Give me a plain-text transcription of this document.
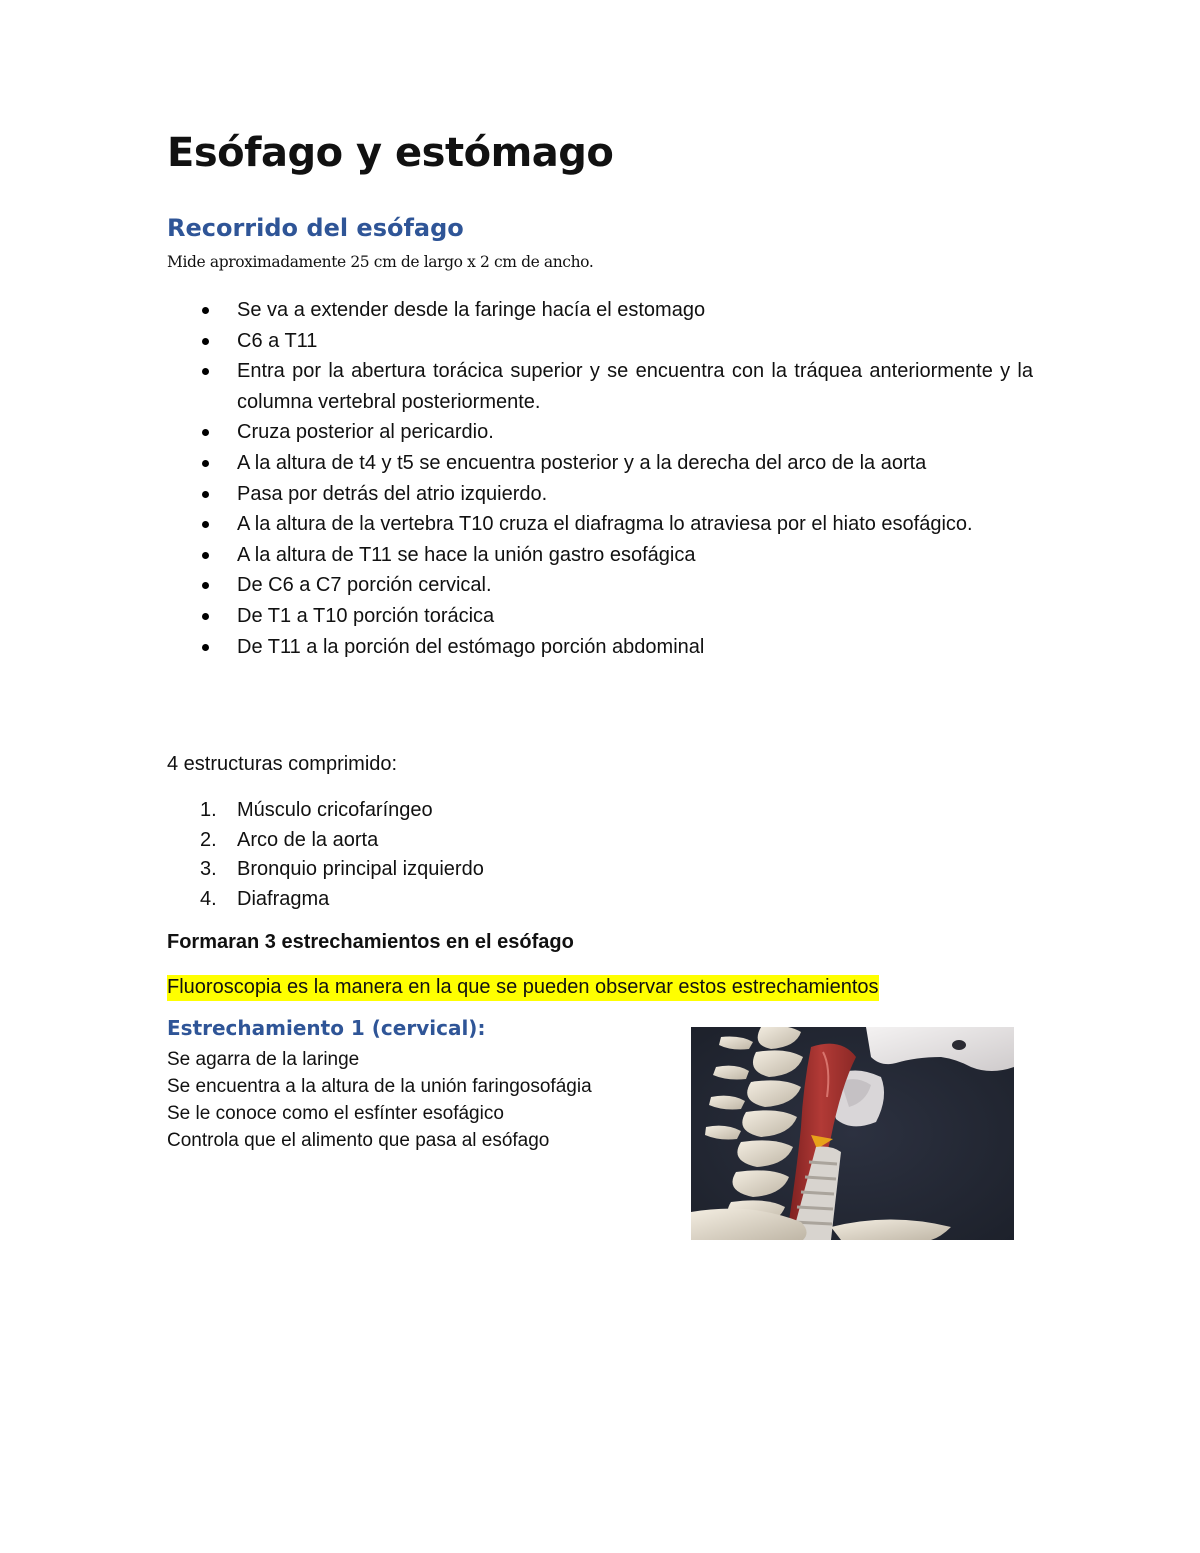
Esófago y estómago
Recorrido del esófago

Mide aproximadamente 25 cm de largo x 2 cm de ancho.

Se va a extender desde la faringe hacía el estomago
C6 a T11
Entra por la abertura torácica superior y se encuentra con la tráquea anteriormente y la columna vertebral posteriormente.
Cruza posterior al pericardio.
A la altura de t4 y t5 se encuentra posterior y a la derecha del arco de la aorta
Pasa por detrás del atrio izquierdo.
A la altura de la vertebra T10 cruza el diafragma lo atraviesa por el hiato esofágico.
A la altura de T11 se hace la unión gastro esofágica
De C6 a C7 porción cervical.
De T1 a T10 porción torácica
De T11 a la porción del estómago porción abdominal

4 estructuras comprimido:

1. Músculo cricofaríngeo
2. Arco de la aorta
3. Bronquio principal izquierdo
4. Diafragma

Formaran 3 estrechamientos en el esófago

Fluoroscopia es la manera en la que se pueden observar estos estrechamientos

Estrechamiento 1 (cervical):
Se agarra de la laringe
Se encuentra a la altura de la unión faringosofágia
Se le conoce como el esfínter esofágico
Controla que el alimento que pasa al esófago
